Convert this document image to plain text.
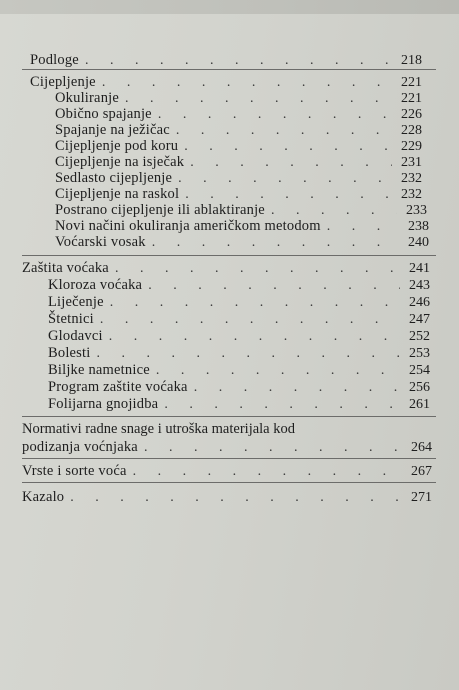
Podloge . . .	218
Cijepljenje . . .	221
Okuliranje . . .	221
Obično spajanje . . .	226
Spajanje na ježičac . . .	228
Cijepljenje pod koru . . .	229
Cijepljenje na isječak . . .	231
Sedlasto cijepljenje . . .	232
Cijepljenje na raskol . . .	232
Postrano cijepljenje ili ablaktiranje . . .	233
Novi načini okuliranja američkom metodom . . .	238
Voćarski vosak . . .	240
Zaštita voćaka . . .	241
Kloroza voćaka . . .	243
Liječenje . . .	246
Štetnici . . .	247
Glodavci . . .	252
Bolesti . . .	253
Biljke nametnice . . .	254
Program zaštite voćaka . . .	256
Folijarna gnojidba . . .	261
Normativi radne snage i utroška materijala kod
podizanja voćnjaka . . .	264
Vrste i sorte voća . . .	267
Kazalo . . .	271
